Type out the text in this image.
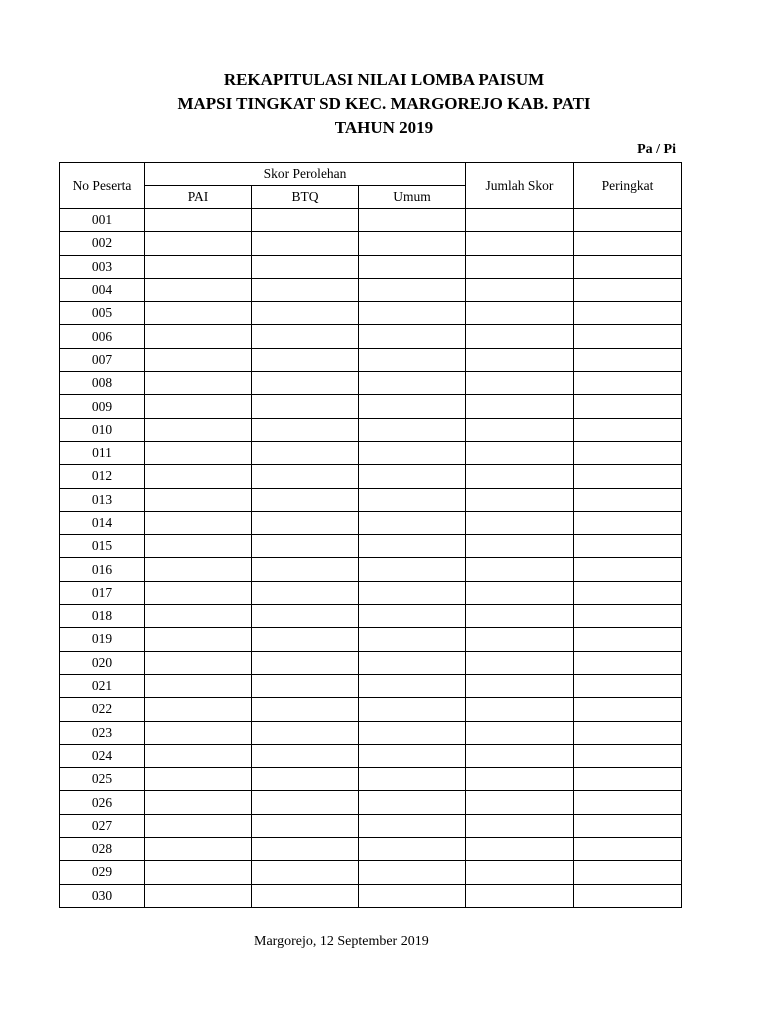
REKAPITULASI NILAI LOMBA PAISUM
MAPSI TINGKAT SD KEC. MARGOREJO KAB. PATI
TAHUN 2019
Pa / Pi
No Peserta	Skor Perolehan			Jumlah Skor	Peringkat
	PAI	BTQ	Umum		
001					
002					
003					
004					
005					
006					
007					
008					
009					
010					
011					
012					
013					
014					
015					
016					
017					
018					
019					
020					
021					
022					
023					
024					
025					
026					
027					
028					
029					
030					
Margorejo, 12 September 2019
